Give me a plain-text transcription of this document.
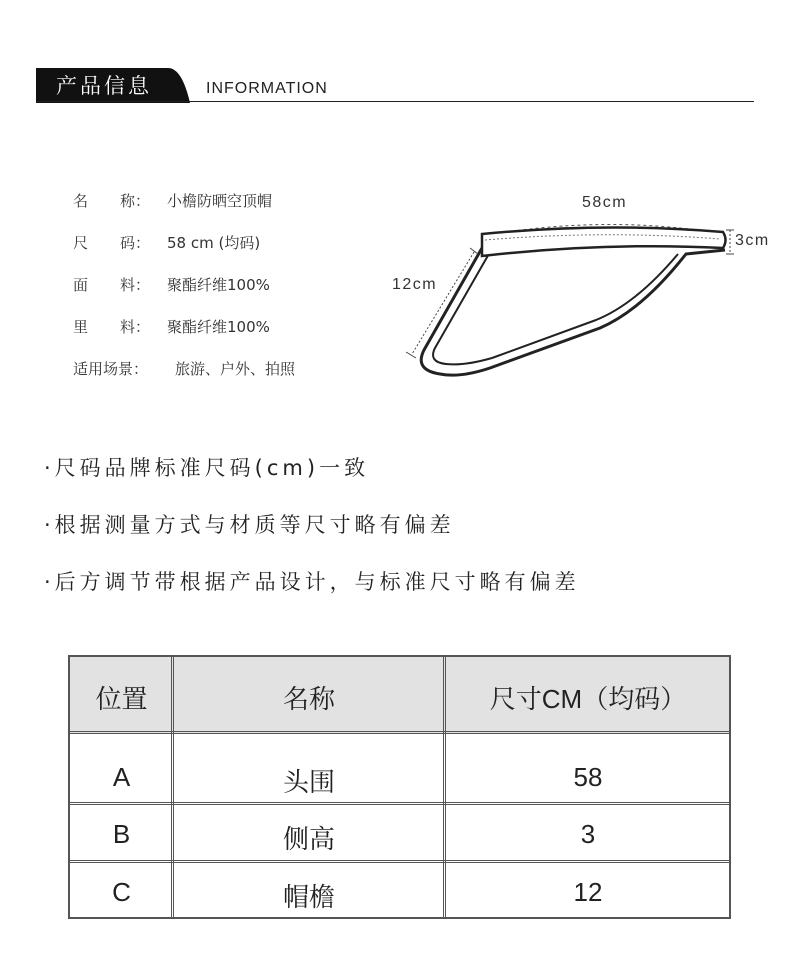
产品信息	INFORMATION
名 称： 小檐防晒空顶帽
尺 码： 58 cm (均码)
面 料： 聚酯纤维100%
里 料： 聚酯纤维100%
适用场景： 旅游、户外、拍照
58cm
3cm
12cm
·尺码品牌标准尺码(cm)一致
·根据测量方式与材质等尺寸略有偏差
·后方调节带根据产品设计，与标准尺寸略有偏差
位置	名称	尺寸CM（均码）
A	头围	58
B	侧高	3
C	帽檐	12
